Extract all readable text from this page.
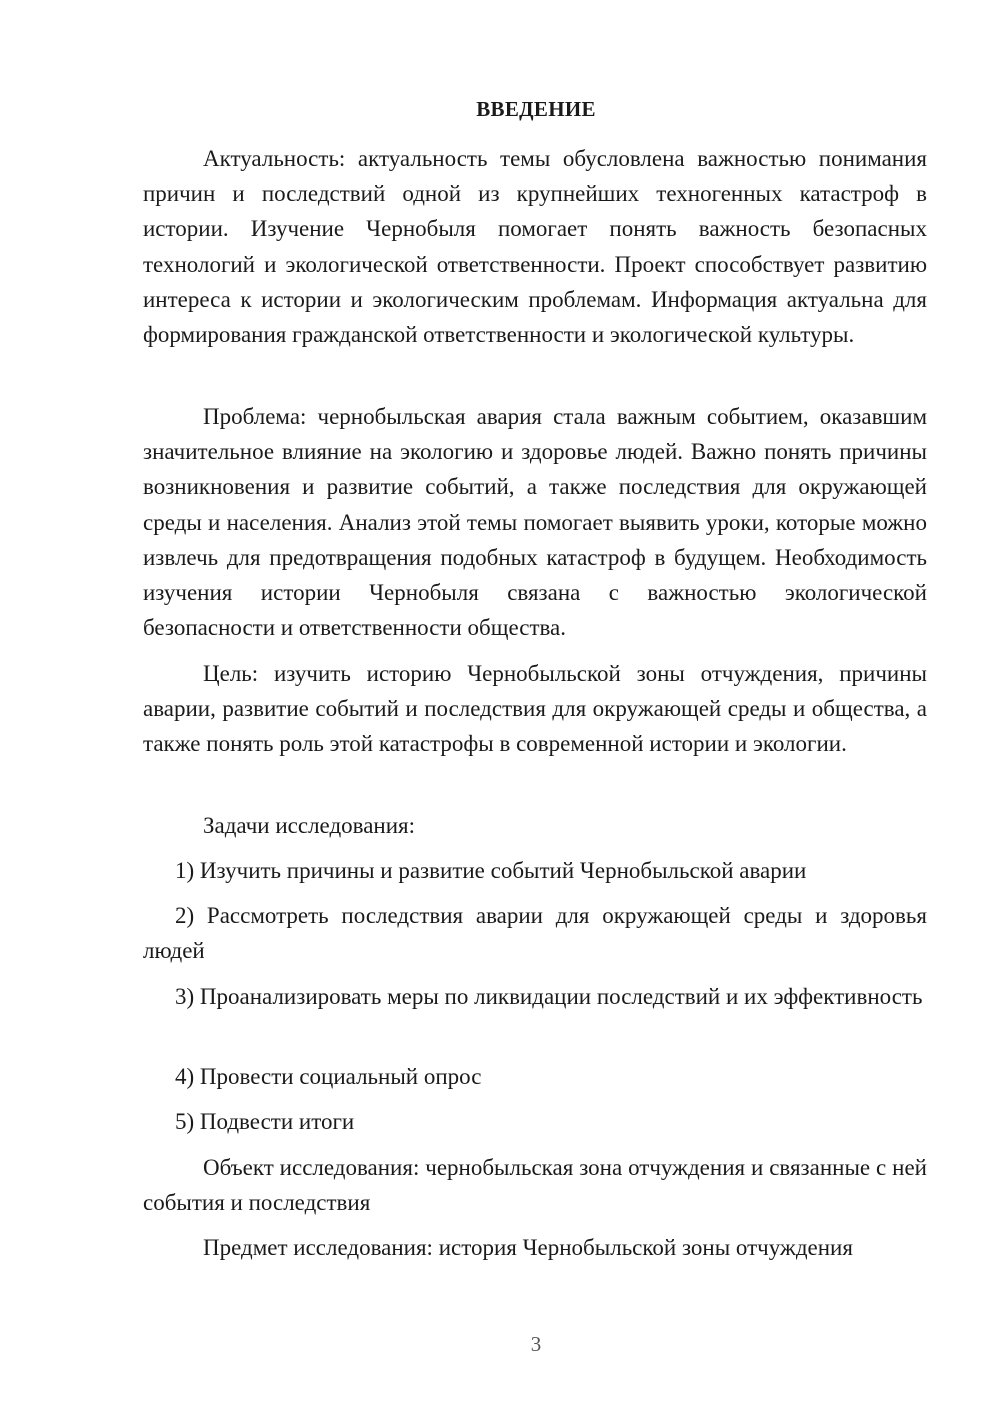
ВВЕДЕНИЕ
Актуальность: актуальность темы обусловлена важностью понимания причин и последствий одной из крупнейших техногенных катастроф в истории. Изучение Чернобыля помогает понять важность безопасных технологий и экологической ответственности. Проект способствует развитию интереса к истории и экологическим проблемам. Информация актуальна для формирования гражданской ответственности и экологической культуры.
Проблема: чернобыльская авария стала важным событием, оказавшим значительное влияние на экологию и здоровье людей. Важно понять причины возникновения и развитие событий, а также последствия для окружающей среды и населения. Анализ этой темы помогает выявить уроки, которые можно извлечь для предотвращения подобных катастроф в будущем. Необходимость изучения истории Чернобыля связана с важностью экологической безопасности и ответственности общества.
Цель: изучить историю Чернобыльской зоны отчуждения, причины аварии, развитие событий и последствия для окружающей среды и общества, а также понять роль этой катастрофы в современной истории и экологии.
Задачи исследования:
1) Изучить причины и развитие событий Чернобыльской аварии
2) Рассмотреть последствия аварии для окружающей среды и здоровья людей
3) Проанализировать меры по ликвидации последствий и их эффективность
4) Провести социальный опрос
5) Подвести итоги
Объект исследования: чернобыльская зона отчуждения и связанные с ней события и последствия
Предмет исследования: история Чернобыльской зоны отчуждения
3
